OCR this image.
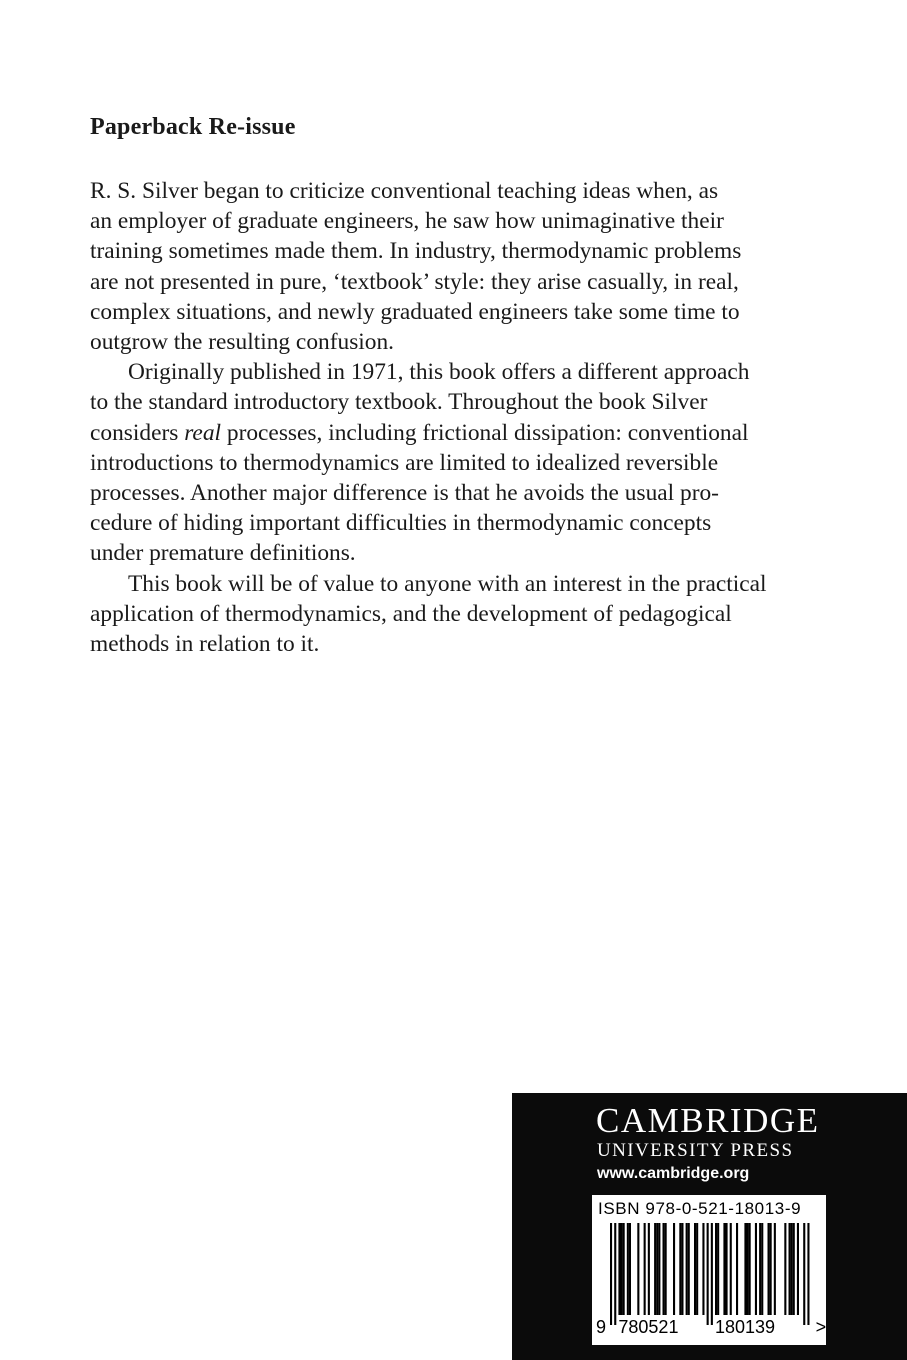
Paperback Re-issue
R. S. Silver began to criticize conventional teaching ideas when, as
an employer of graduate engineers, he saw how unimaginative their
training sometimes made them. In industry, thermodynamic problems
are not presented in pure, ‘textbook’ style: they arise casually, in real,
complex situations, and newly graduated engineers take some time to
outgrow the resulting confusion.
Originally published in 1971, this book offers a different approach
to the standard introductory textbook. Throughout the book Silver
considers real processes, including frictional dissipation: conventional
introductions to thermodynamics are limited to idealized reversible
processes. Another major difference is that he avoids the usual pro-
cedure of hiding important difficulties in thermodynamic concepts
under premature definitions.
This book will be of value to anyone with an interest in the practical
application of thermodynamics, and the development of pedagogical
methods in relation to it.
CAMBRIDGE
UNIVERSITY PRESS
www.cambridge.org
ISBN 978-0-521-18013-9
9 780521 180139 >
